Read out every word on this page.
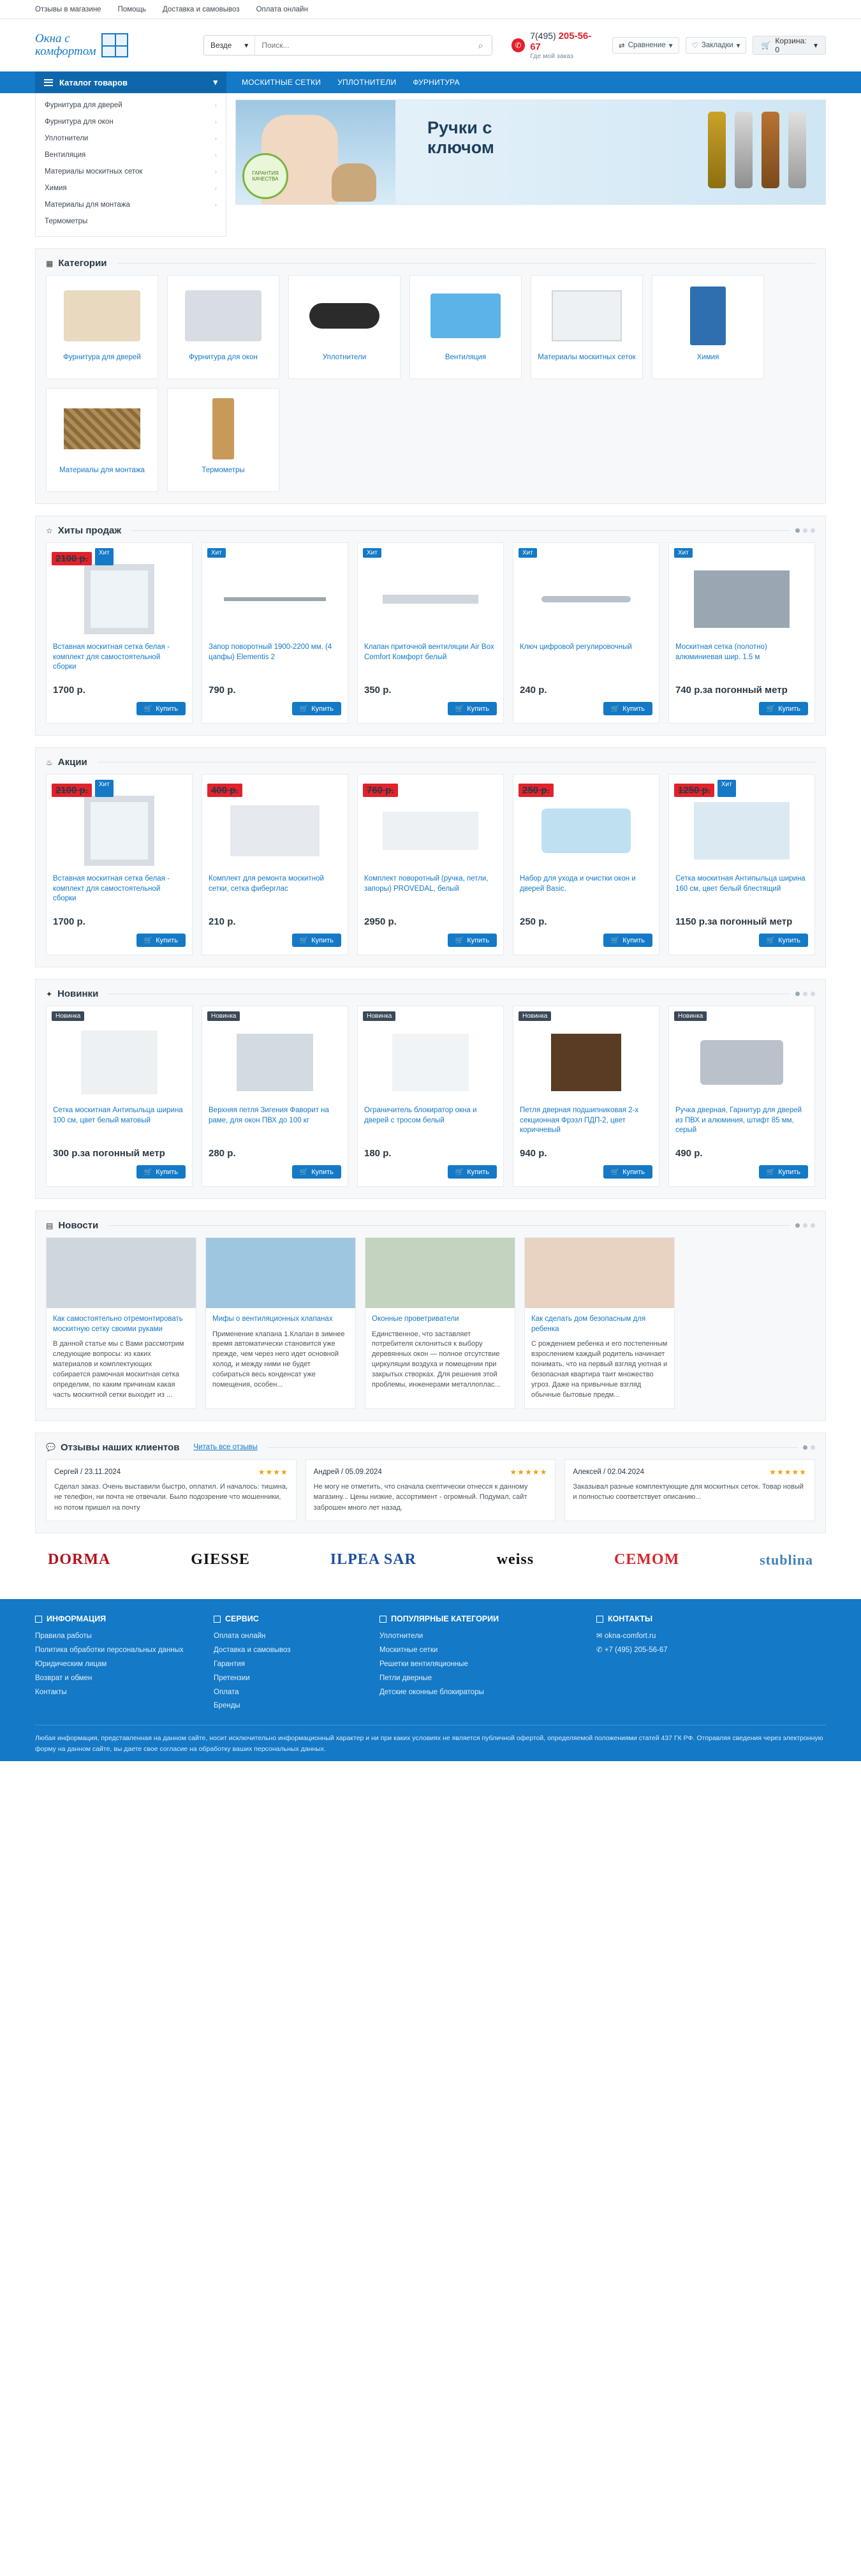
Отзывы в магазине Помощь Доставка и самовывоз Оплата онлайн
Окна с
комфортом	Везде ▾
Поиск...	⌕	✆
7(495) 205-56-67
Где мой заказ
⇄ Сравнение ▾	♡ Закладки ▾	🛒 Корзина: 0	▾
Каталог товаров	▾	МОСКИТНЫЕ СЕТКИ УПЛОТНИТЕЛИ ФУРНИТУРА
Фурнитура для дверей	›
Фурнитура для окон	›
Уплотнители	›
Вентиляция	›
Материалы москитных сеток	›
Химия	›
Материалы для монтажа	›
Термометры
Ручки с
ключом
ГАРАНТИЯ КАЧЕСТВА
▦ Категории
Фурнитура для дверей	Фурнитура для окон	Уплотнители	Вентиляция	Материалы москитных сеток	Химия
Материалы для монтажа	Термометры
☆ Хиты продаж
2100 р.
Хит
Вставная москитная сетка белая - комплект для самостоятельной сборки
1700 р.
🛒 Купить
Хит
Запор поворотный 1900-2200 мм. (4 цапфы) Elementis 2
790 р.
🛒 Купить
Хит
Клапан приточной вентиляции Air Box Comfort Комфорт белый
350 р.
🛒 Купить
Хит
Ключ цифровой регулировочный
240 р.
🛒 Купить
Хит
Москитная сетка (полотно) алюминиевая шир. 1.5 м
740 р.за погонный метр
🛒 Купить
♨ Акции
2100 р.
Хит
Вставная москитная сетка белая - комплект для самостоятельной сборки
1700 р.
🛒 Купить
400 р.
Комплект для ремонта москитной сетки, сетка фиберглас
210 р.
🛒 Купить
760 р.
Комплект поворотный (ручка, петли, запоры) PROVEDAL, белый
2950 р.
🛒 Купить
250 р.
Набор для ухода и очистки окон и дверей Basic.
250 р.
🛒 Купить
1250 р.
Хит
Сетка москитная Антипыльца ширина 160 см, цвет белый блестящий
1150 р.за погонный метр
🛒 Купить
✦ Новинки
Новинка
Сетка москитная Антипыльца ширина 100 см, цвет белый матовый
300 р.за погонный метр
🛒 Купить
Новинка
Верхняя петля Зигения Фаворит на раме, для окон ПВХ до 100 кг
280 р.
🛒 Купить
Новинка
Ограничитель блокиратор окна и дверей с тросом белый
180 р.
🛒 Купить
Новинка
Петля дверная подшипниковая 2-х секционная Фрэзл ПДП-2, цвет коричневый
940 р.
🛒 Купить
Новинка
Ручка дверная, Гарнитур для дверей из ПВХ и алюминия, штифт 85 мм, серый
490 р.
🛒 Купить
▤ Новости
Как самостоятельно отремонтировать москитную сетку своими руками
В данной статье мы с Вами рассмотрим следующие вопросы: из каких материалов и комплектующих собирается рамочная москитная сетка определим, по каким причинам какая часть москитной сетки выходит из ...
Мифы о вентиляционных клапанах
Применение клапана 1.Клапан в зимнее время автоматически становится уже прежде, чем через него идет основной холод, и между ними не будет собираться весь конденсат уже помещения, особен...
Оконные проветриватели
Единственное, что заставляет потребителя склониться к выбору деревянных окон — полное отсутствие циркуляции воздуха и помещении при закрытых створках. Для решения этой проблемы, инженерами металлоплас...
Как сделать дом безопасным для ребенка
С рождением ребенка и его постепенным взрослением каждый родитель начинает понимать, что на первый взгляд уютная и безопасная квартира таит множество угроз. Даже на привычные взгляд обычные бытовые предм...
💬 Отзывы наших клиентов Читать все отзывы
Сергей / 23.11.2024	★★★★
Сделал заказ. Очень выставили быстро, оплатил. И началось: тишина, не телефон, ни почта не отвечали. Было подозрение что мошенники, но потом пришел на почту
Андрей / 05.09.2024	★★★★★
Не могу не отметить, что сначала скептически отнесся к данному магазину... Цены низкие, ассортимент - огромный. Подумал, сайт заброшен много лет назад.
Алексей / 02.04.2024	★★★★★
Заказывал разные комплектующие для москитных сеток. Товар новый и полностью соответствует описанию...
DORMA	GIESSE	ILPEA SAR	weiss	CEMOM	stublina
ИНФОРМАЦИЯ
Правила работы
Политика обработки персональных данных
Юридическим лицам
Возврат и обмен
Контакты
СЕРВИС
Оплата онлайн
Доставка и самовывоз
Гарантия
Претензии
Оплата
Бренды
ПОПУЛЯРНЫЕ КАТЕГОРИИ
Уплотнители
Москитные сетки
Решетки вентиляционные
Петли дверные
Детские оконные блокираторы
КОНТАКТЫ
✉ okna-comfort.ru
✆ +7 (495) 205-56-67
Любая информация, представленная на данном сайте, носит исключительно информационный характер и ни при каких условиях не является публичной офертой, определяемой положениями статей 437 ГК РФ. Отправляя сведения через электронную форму на данном сайте, вы даете свое согласие на обработку ваших персональных данных.
